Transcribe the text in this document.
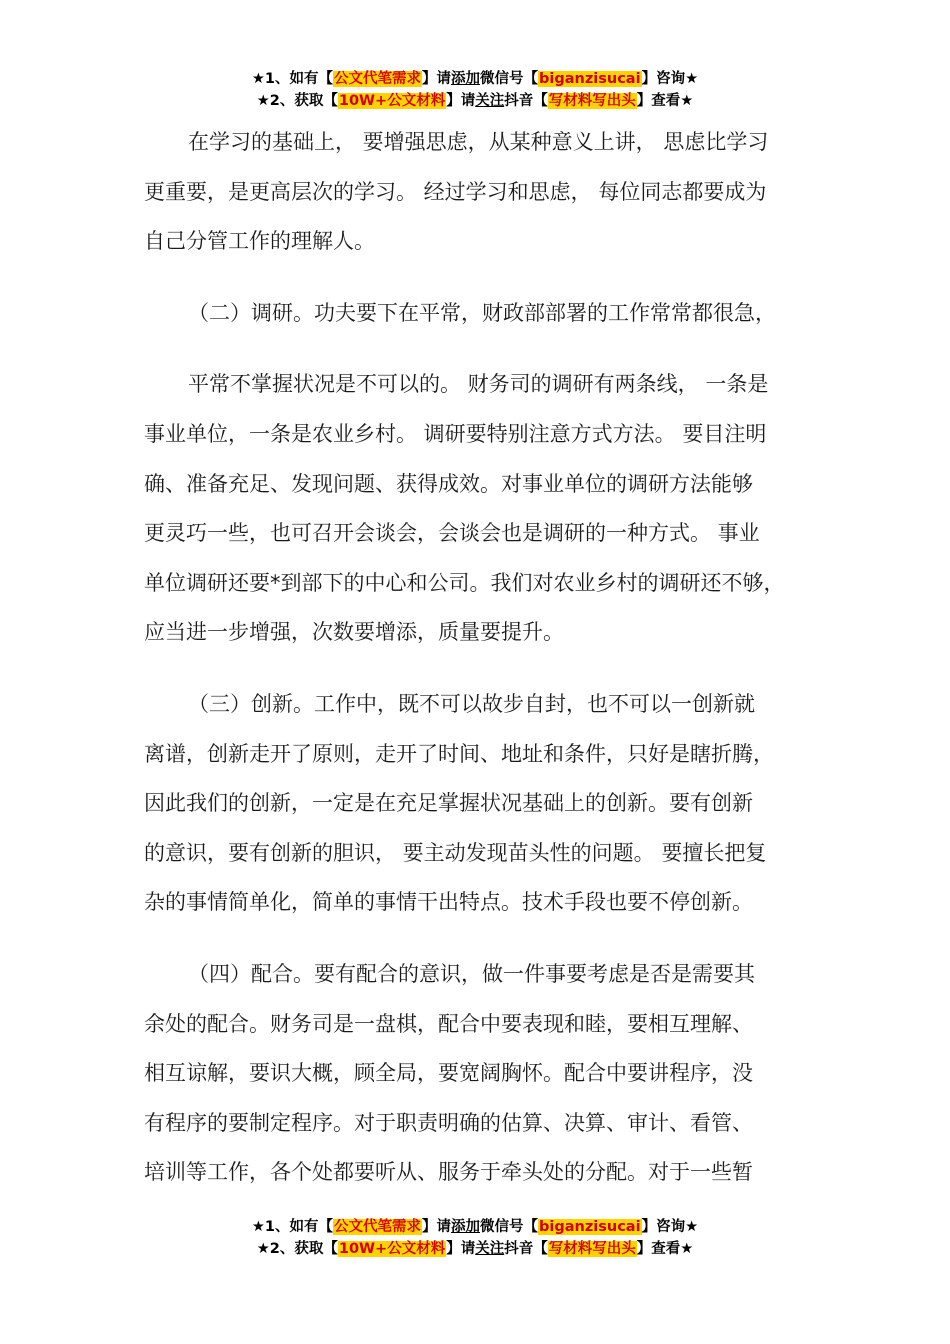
★1、如有【公文代笔需求】请添加微信号【biganzisucai】咨询★
★2、获取【10W+公文材料】请关注抖音【写材料写出头】查看★

在学习的基础上， 要增强思虑，从某种意义上讲， 思虑比学习
更重要，是更高层次的学习。 经过学习和思虑， 每位同志都要成为
自己分管工作的理解人。

（二）调研。功夫要下在平常，财政部部署的工作常常都很急，

平常不掌握状况是不可以的。 财务司的调研有两条线， 一条是
事业单位，一条是农业乡村。 调研要特别注意方式方法。 要目注明
确、准备充足、发现问题、获得成效。对事业单位的调研方法能够
更灵巧一些，也可召开会谈会，会谈会也是调研的一种方式。 事业
单位调研还要*到部下的中心和公司。我们对农业乡村的调研还不够，
应当进一步增强，次数要增添，质量要提升。

（三）创新。工作中，既不可以故步自封，也不可以一创新就
离谱，创新走开了原则，走开了时间、地址和条件，只好是瞎折腾，
因此我们的创新，一定是在充足掌握状况基础上的创新。要有创新
的意识，要有创新的胆识， 要主动发现苗头性的问题。 要擅长把复
杂的事情简单化，简单的事情干出特点。技术手段也要不停创新。

（四）配合。要有配合的意识，做一件事要考虑是否是需要其
余处的配合。财务司是一盘棋，配合中要表现和睦，要相互理解、
相互谅解，要识大概，顾全局，要宽阔胸怀。配合中要讲程序，没
有程序的要制定程序。对于职责明确的估算、决算、审计、看管、
培训等工作，各个处都要听从、服务于牵头处的分配。对于一些暂

★1、如有【公文代笔需求】请添加微信号【biganzisucai】咨询★
★2、获取【10W+公文材料】请关注抖音【写材料写出头】查看★
